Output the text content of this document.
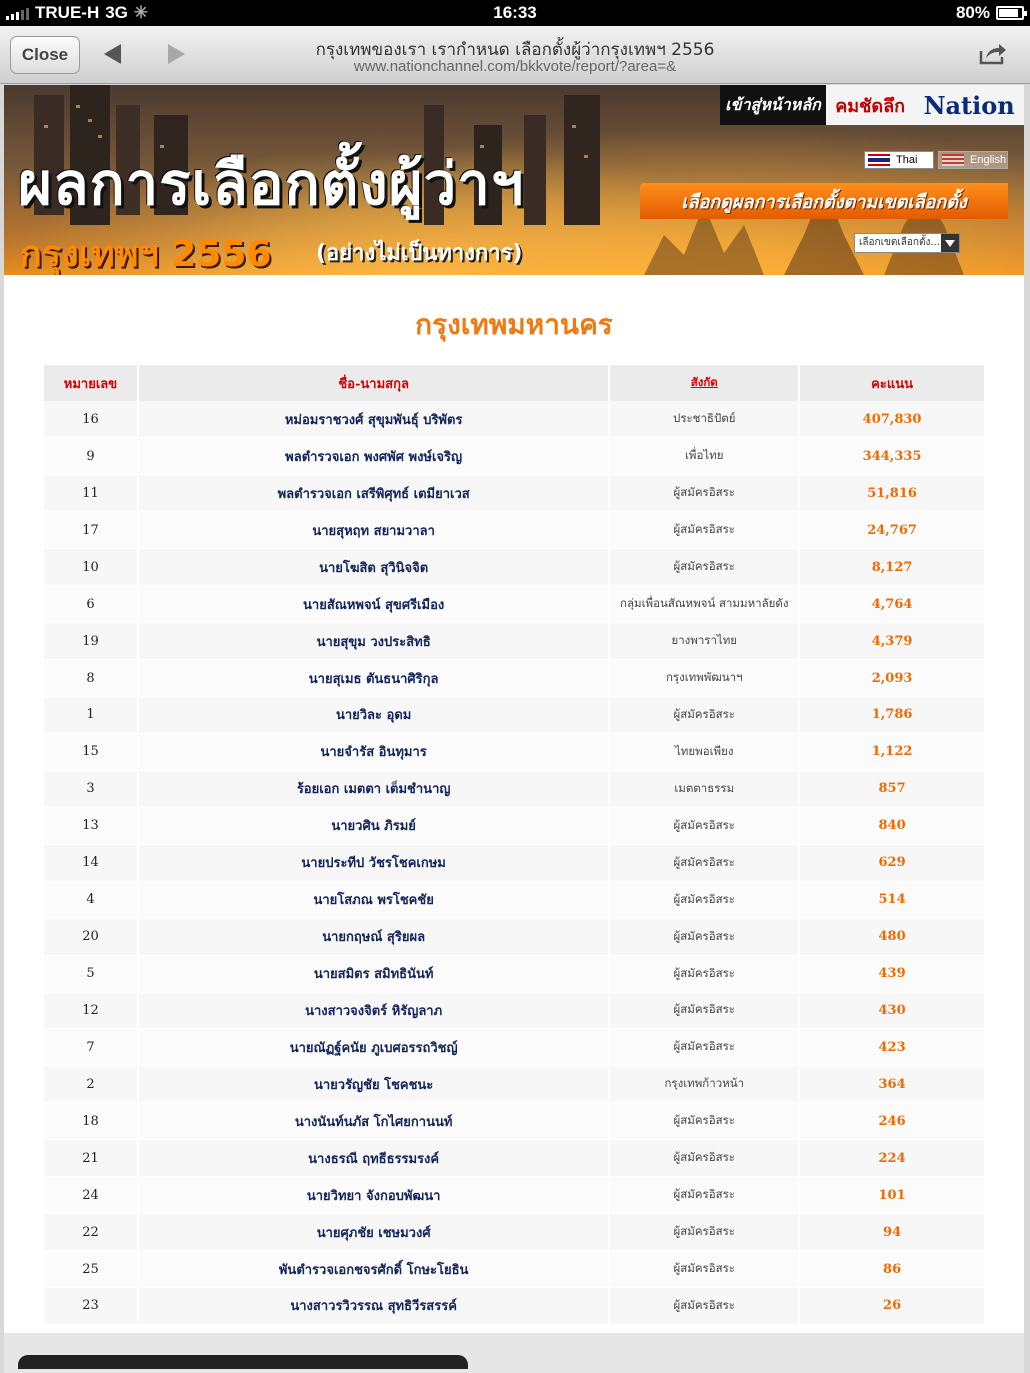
TRUE-H 3G ✳	16:33	80%
Close	กรุงเทพของเรา เรากำหนด เลือกตั้งผู้ว่ากรุงเทพฯ 2556
www.nationchannel.com/bkkvote/report/?area=&
ผลการเลือกตั้งผู้ว่าฯ
กรุงเทพฯ 2556 (อย่างไม่เป็นทางการ)
เข้าสู่หน้าหลัก คมชัดลึก Nation
Thai	English
เลือกดูผลการเลือกตั้งตามเขตเลือกตั้ง
เลือกเขตเลือกตั้ง...
กรุงเทพมหานคร
หมายเลข	ชื่อ-นามสกุล	สังกัด	คะแนน
16	หม่อมราชวงศ์ สุขุมพันธุ์ บริพัตร	ประชาธิปัตย์	407,830
9	พลตำรวจเอก พงศพัศ พงษ์เจริญ	เพื่อไทย	344,335
11	พลตำรวจเอก เสรีพิศุทธ์ เตมียาเวส	ผู้สมัครอิสระ	51,816
17	นายสุหฤท สยามวาลา	ผู้สมัครอิสระ	24,767
10	นายโฆสิต สุวินิจจิต	ผู้สมัครอิสระ	8,127
6	นายสัณหพจน์ สุขศรีเมือง	กลุ่มเพื่อนสัณหพจน์ สามมหาลัยดัง	4,764
19	นายสุขุม วงประสิทธิ	ยางพาราไทย	4,379
8	นายสุเมธ ตันธนาศิริกุล	กรุงเทพพัฒนาฯ	2,093
1	นายวิละ อุดม	ผู้สมัครอิสระ	1,786
15	นายจำรัส อินทุมาร	ไทยพอเพียง	1,122
3	ร้อยเอก เมตตา เต็มชำนาญ	เมตตาธรรม	857
13	นายวศิน ภิรมย์	ผู้สมัครอิสระ	840
14	นายประทีป วัชรโชคเกษม	ผู้สมัครอิสระ	629
4	นายโสภณ พรโชคชัย	ผู้สมัครอิสระ	514
20	นายกฤษณ์ สุริยผล	ผู้สมัครอิสระ	480
5	นายสมิตร สมิทธินันท์	ผู้สมัครอิสระ	439
12	นางสาวจงจิตร์ หิรัญลาภ	ผู้สมัครอิสระ	430
7	นายณัฏฐ์คนัย ภูเบศอรรถวิชญ์	ผู้สมัครอิสระ	423
2	นายวรัญชัย โชคชนะ	กรุงเทพก้าวหน้า	364
18	นางนันท์นภัส โกไศยกานนท์	ผู้สมัครอิสระ	246
21	นางธรณี ฤทธีธรรมรงค์	ผู้สมัครอิสระ	224
24	นายวิทยา จังกอบพัฒนา	ผู้สมัครอิสระ	101
22	นายศุภชัย เชษมวงศ์	ผู้สมัครอิสระ	94
25	พันตำรวจเอกชจรศักดิ์ โกษะโยธิน	ผู้สมัครอิสระ	86
23	นางสาวรวิวรรณ สุทธิวีรสรรค์	ผู้สมัครอิสระ	26
